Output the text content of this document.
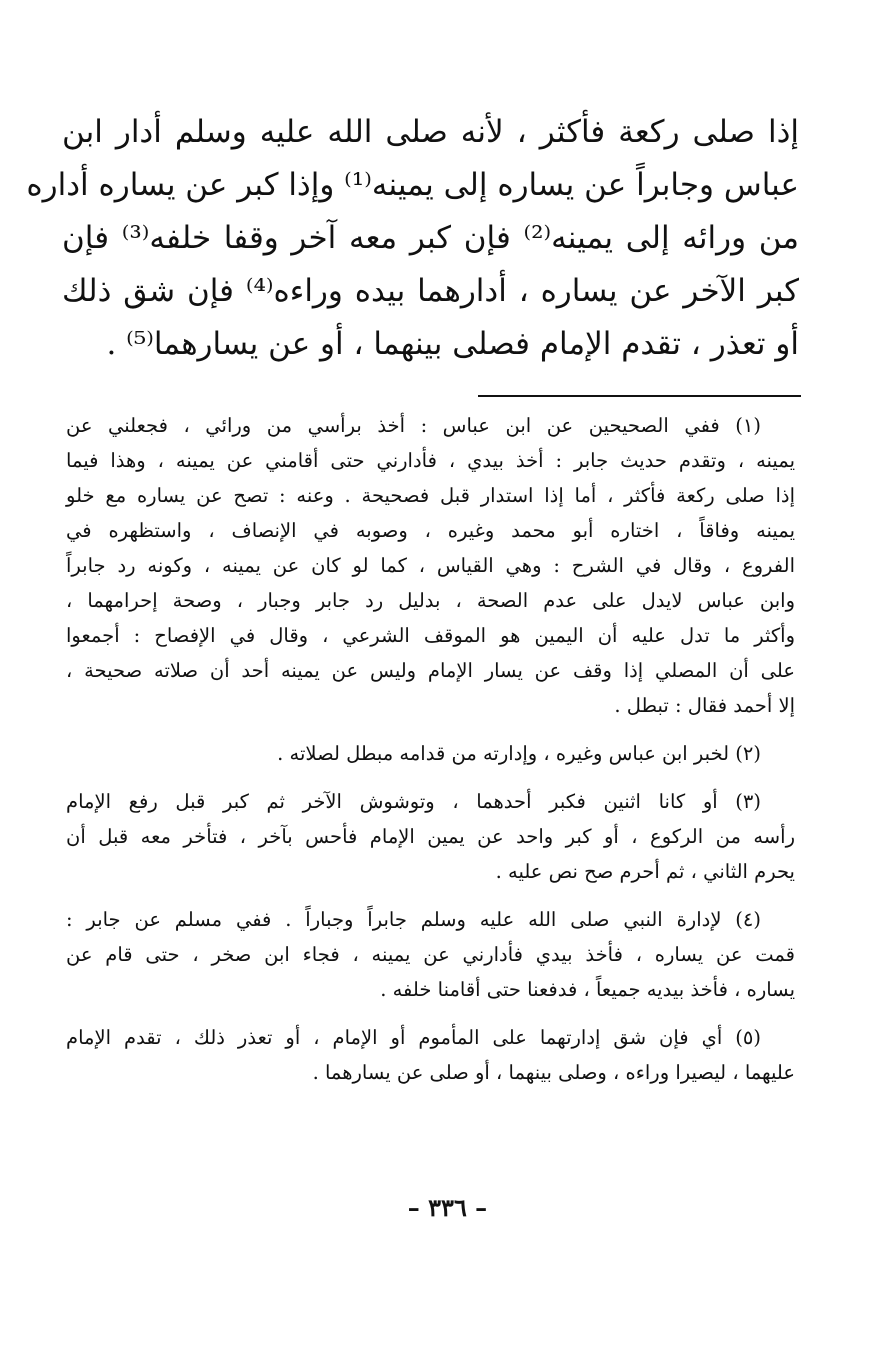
إذا صلى ركعة فأكثر ، لأنه صلى الله عليه وسلم أدار ابن
عباس وجابراً عن يساره إلى يمينه⁽¹⁾ وإذا كبر عن يساره أداره
من ورائه إلى يمينه⁽²⁾ فإن كبر معه آخر وقفا خلفه⁽³⁾ فإن
كبر الآخر عن يساره ، أدارهما بيده وراءه⁽⁴⁾ فإن شق ذلك
أو تعذر ، تقدم الإمام فصلى بينهما ، أو عن يسارهما⁽⁵⁾ .
(١) ففي الصحيحين عن ابن عباس : أخذ برأسي من ورائي ، فجعلني عن
يمينه ، وتقدم حديث جابر : أخذ بيدي ، فأدارني حتى أقامني عن يمينه ، وهذا فيما
إذا صلى ركعة فأكثر ، أما إذا استدار قبل فصحيحة . وعنه : تصح عن يساره مع خلو
يمينه وفاقاً ، اختاره أبو محمد وغيره ، وصوبه في الإنصاف ، واستظهره في
الفروع ، وقال في الشرح : وهي القياس ، كما لو كان عن يمينه ، وكونه رد جابراً
وابن عباس لايدل على عدم الصحة ، بدليل رد جابر وجبار ، وصحة إحرامهما ،
وأكثر ما تدل عليه أن اليمين هو الموقف الشرعي ، وقال في الإفصاح : أجمعوا
على أن المصلي إذا وقف عن يسار الإمام وليس عن يمينه أحد أن صلاته صحيحة ،
إلا أحمد فقال : تبطل .
(٢) لخبر ابن عباس وغيره ، وإدارته من قدامه مبطل لصلاته .
(٣) أو كانا اثنين فكبر أحدهما ، وتوشوش الآخر ثم كبر قبل رفع الإمام
رأسه من الركوع ، أو كبر واحد عن يمين الإمام فأحس بآخر ، فتأخر معه قبل أن
يحرم الثاني ، ثم أحرم صح نص عليه .
(٤) لإدارة النبي صلى الله عليه وسلم جابراً وجباراً . ففي مسلم عن جابر :
قمت عن يساره ، فأخذ بيدي فأدارني عن يمينه ، فجاء ابن صخر ، حتى قام عن
يساره ، فأخذ بيديه جميعاً ، فدفعنا حتى أقامنا خلفه .
(٥) أي فإن شق إدارتهما على المأموم أو الإمام ، أو تعذر ذلك ، تقدم الإمام
عليهما ، ليصيرا وراءه ، وصلى بينهما ، أو صلى عن يسارهما .
– ٣٣٦ –
